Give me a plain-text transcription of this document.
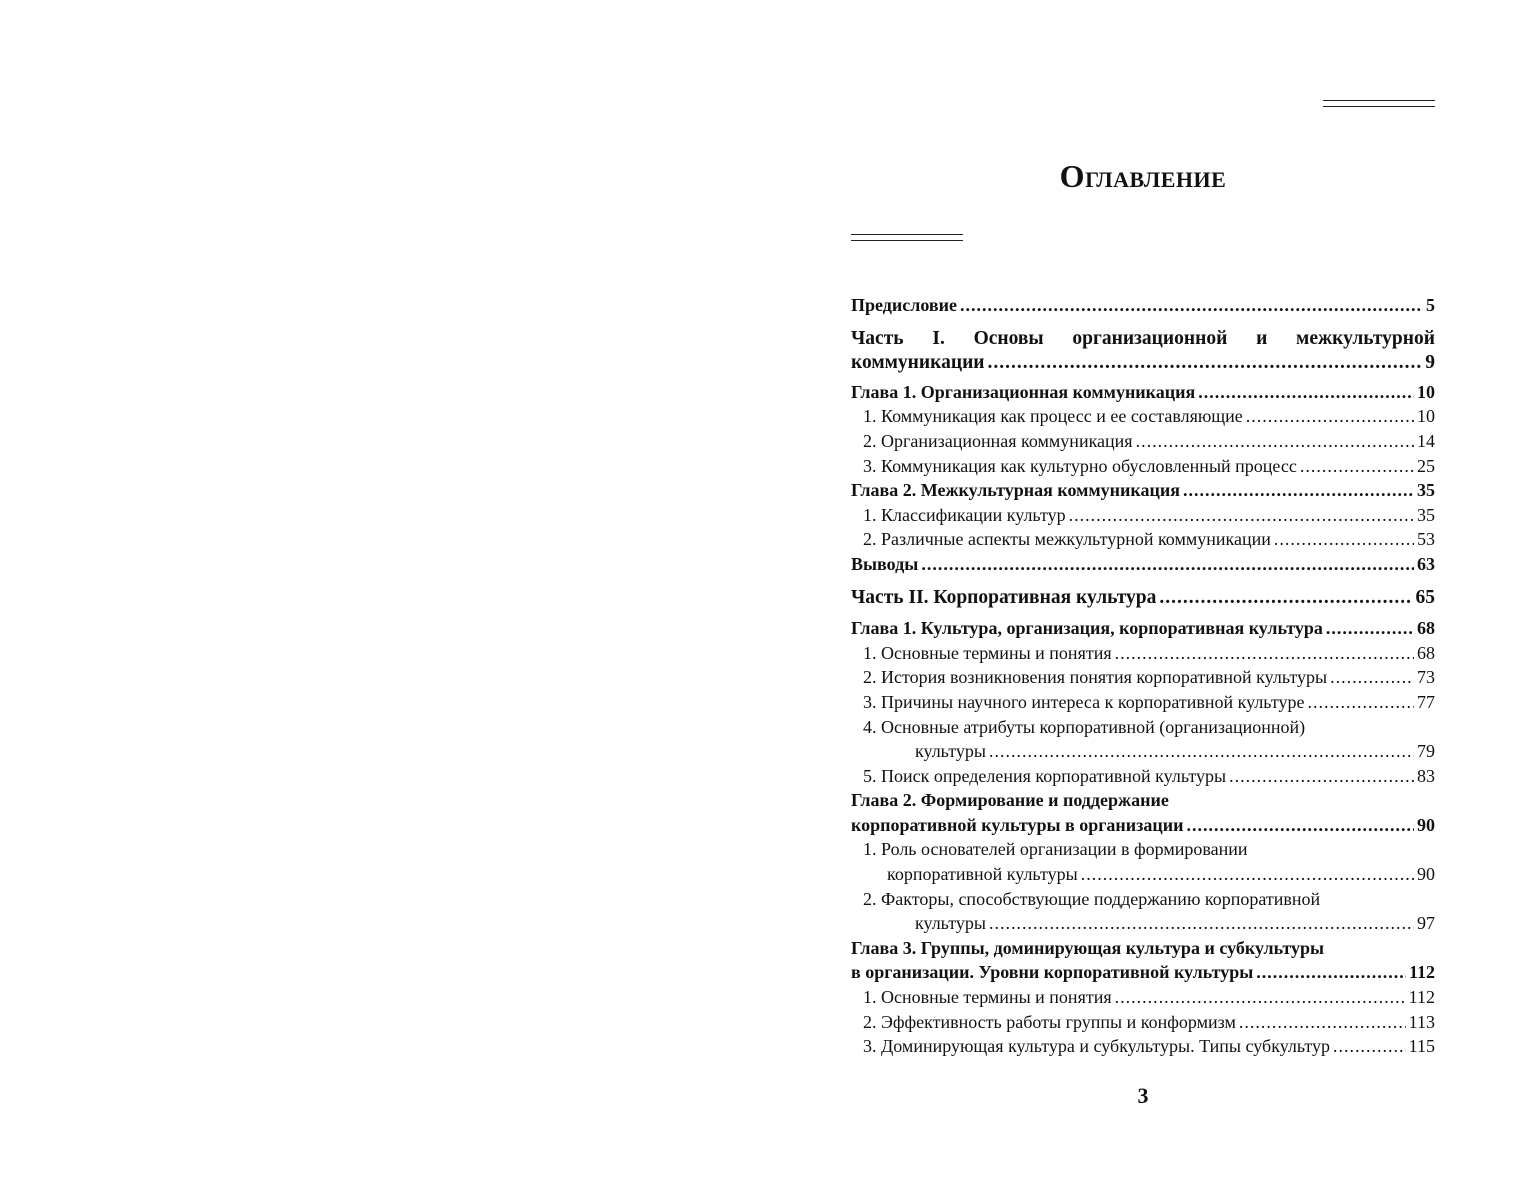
Оглавление
Предисловие .....	5
Часть I. Основы организационной и межкультурной
коммуникации .....	9
Глава 1. Организационная коммуникация .....	10
1. Коммуникация как процесс и ее составляющие .....	10
2. Организационная коммуникация .....	14
3. Коммуникация как культурно обусловленный процесс .....	25
Глава 2. Межкультурная коммуникация .....	35
1. Классификации культур .....	35
2. Различные аспекты межкультурной коммуникации .....	53
Выводы .....	63
Часть II. Корпоративная культура .....	65
Глава 1. Культура, организация, корпоративная культура .....	68
1. Основные термины и понятия .....	68
2. История возникновения понятия корпоративной культуры .....	73
3. Причины научного интереса к корпоративной культуре .....	77
4. Основные атрибуты корпоративной (организационной)
культуры .....	79
5. Поиск определения корпоративной культуры .....	83
Глава 2. Формирование и поддержание
корпоративной культуры в организации .....	90
1. Роль основателей организации в формировании
корпоративной культуры .....	90
2. Факторы, способствующие поддержанию корпоративной
культуры .....	97
Глава 3. Группы, доминирующая культура и субкультуры
в организации. Уровни корпоративной культуры .....	112
1. Основные термины и понятия .....	112
2. Эффективность работы группы и конформизм .....	113
3. Доминирующая культура и субкультуры. Типы субкультур .....	115
3
